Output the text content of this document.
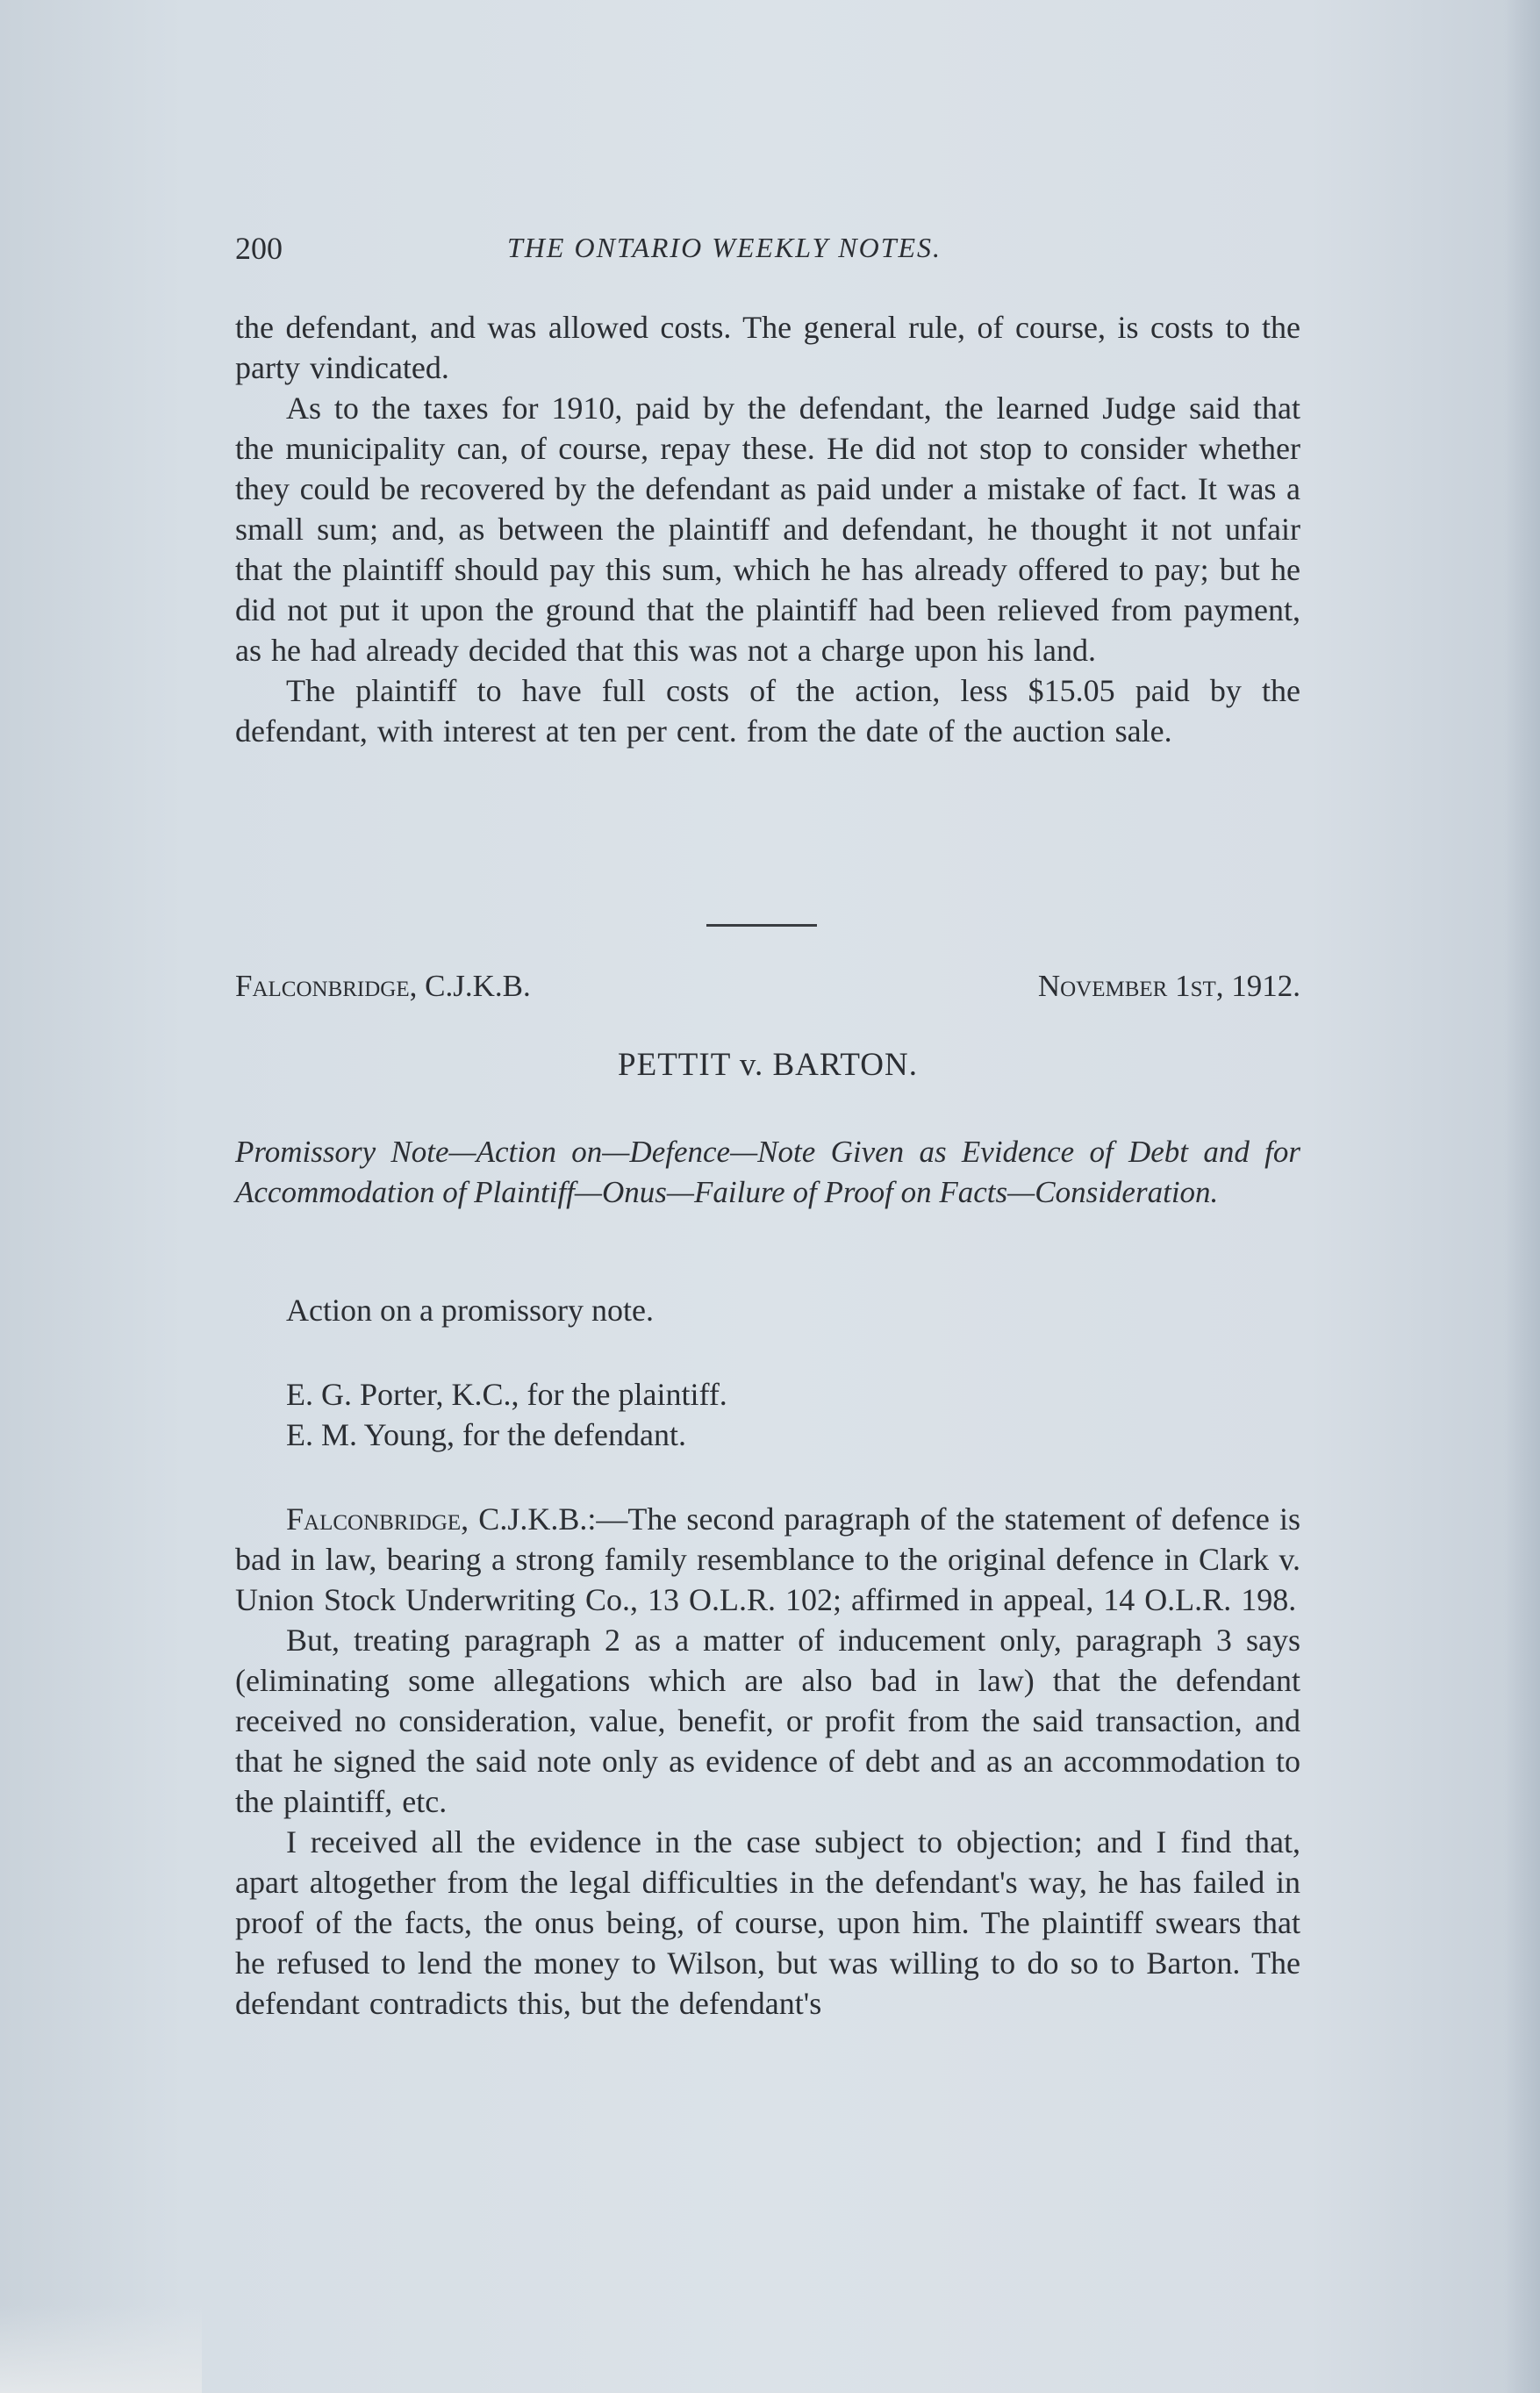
200	THE ONTARIO WEEKLY NOTES.

the defendant, and was allowed costs. The general rule, of course, is costs to the party vindicated.

As to the taxes for 1910, paid by the defendant, the learned Judge said that the municipality can, of course, repay these. He did not stop to consider whether they could be recovered by the defendant as paid under a mistake of fact. It was a small sum; and, as between the plaintiff and defendant, he thought it not unfair that the plaintiff should pay this sum, which he has already offered to pay; but he did not put it upon the ground that the plaintiff had been relieved from payment, as he had already decided that this was not a charge upon his land.

The plaintiff to have full costs of the action, less $15.05 paid by the defendant, with interest at ten per cent. from the date of the auction sale.

Falconbridge, C.J.K.B.	November 1st, 1912.
PETTIT v. BARTON.
Promissory Note—Action on—Defence—Note Given as Evidence of Debt and for Accommodation of Plaintiff—Onus—Failure of Proof on Facts—Consideration.
Action on a promissory note.
E. G. Porter, K.C., for the plaintiff.
E. M. Young, for the defendant.

Falconbridge, C.J.K.B.:—The second paragraph of the statement of defence is bad in law, bearing a strong family resemblance to the original defence in Clark v. Union Stock Underwriting Co., 13 O.L.R. 102; affirmed in appeal, 14 O.L.R. 198.

But, treating paragraph 2 as a matter of inducement only, paragraph 3 says (eliminating some allegations which are also bad in law) that the defendant received no consideration, value, benefit, or profit from the said transaction, and that he signed the said note only as evidence of debt and as an accommodation to the plaintiff, etc.

I received all the evidence in the case subject to objection; and I find that, apart altogether from the legal difficulties in the defendant's way, he has failed in proof of the facts, the onus being, of course, upon him. The plaintiff swears that he refused to lend the money to Wilson, but was willing to do so to Barton. The defendant contradicts this, but the defendant's
